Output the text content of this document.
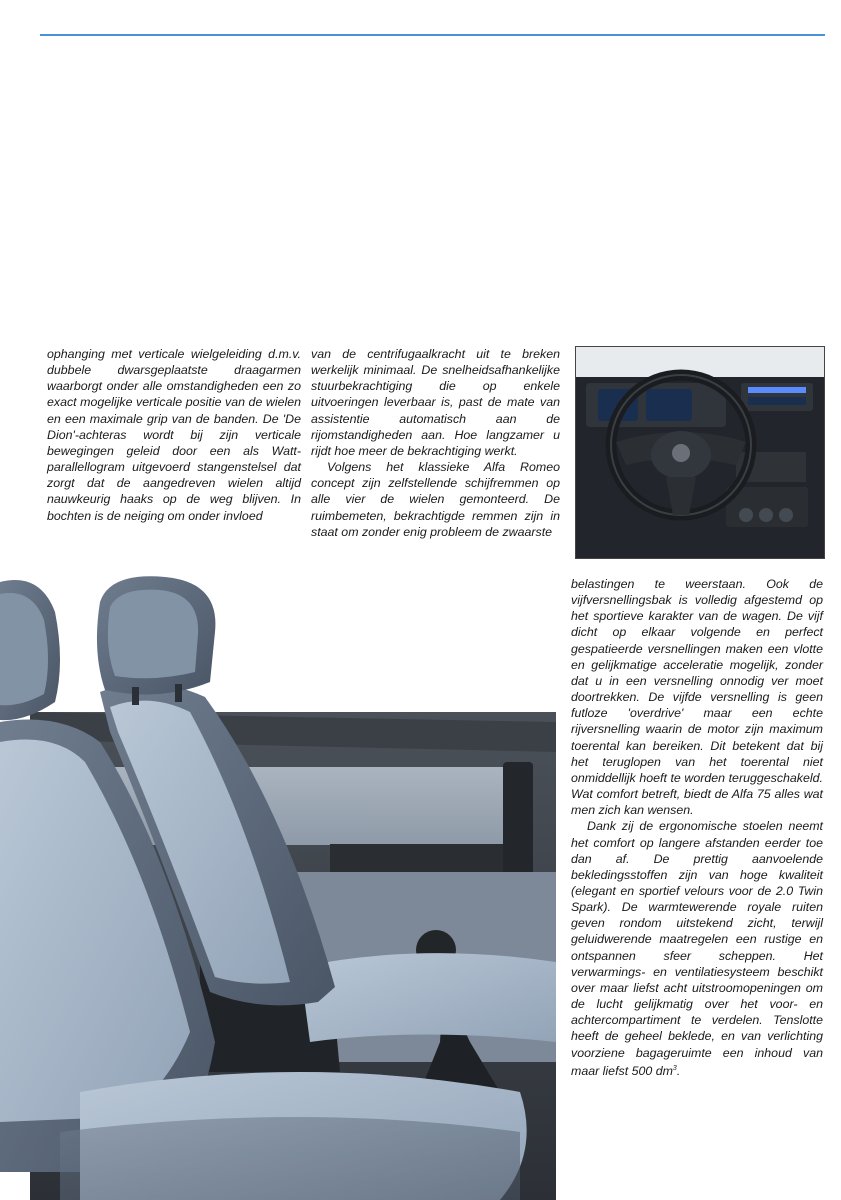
ophanging met verticale wielgeleiding d.m.v. dubbele dwarsgeplaatste draagarmen waarborgt onder alle omstandigheden een zo exact mogelijke verticale positie van de wielen en een maximale grip van de banden. De 'De Dion'-achteras wordt bij zijn verticale bewegingen geleid door een als Watt-parallellogram uitgevoerd stangenstelsel dat zorgt dat de aangedreven wielen altijd nauwkeurig haaks op de weg blijven. In bochten is de neiging om onder invloed

van de centrifugaalkracht uit te breken werkelijk minimaal. De snelheidsafhankelijke stuurbekrachtiging die op enkele uitvoeringen leverbaar is, past de mate van assistentie automatisch aan de rijomstandigheden aan. Hoe langzamer u rijdt hoe meer de bekrachtiging werkt.

Volgens het klassieke Alfa Romeo concept zijn zelfstellende schijfremmen op alle vier de wielen gemonteerd. De ruimbemeten, bekrachtigde remmen zijn in staat om zonder enig probleem de zwaarste

belastingen te weerstaan. Ook de vijfversnellingsbak is volledig afgestemd op het sportieve karakter van de wagen. De vijf dicht op elkaar volgende en perfect gespatieerde versnellingen maken een vlotte en gelijkmatige acceleratie mogelijk, zonder dat u in een versnelling onnodig ver moet doortrekken. De vijfde versnelling is geen futloze 'overdrive' maar een echte rijversnelling waarin de motor zijn maximum toerental kan bereiken. Dit betekent dat bij het teruglopen van het toerental niet onmiddellijk hoeft te worden teruggeschakeld. Wat comfort betreft, biedt de Alfa 75 alles wat men zich kan wensen.

Dank zij de ergonomische stoelen neemt het comfort op langere afstanden eerder toe dan af. De prettig aanvoelende bekledingsstoffen zijn van hoge kwaliteit (elegant en sportief velours voor de 2.0 Twin Spark). De warmtewerende royale ruiten geven rondom uitstekend zicht, terwijl geluidwerende maatregelen een rustige en ontspannen sfeer scheppen. Het verwarmings- en ventilatiesysteem beschikt over maar liefst acht uitstroomopeningen om de lucht gelijkmatig over het voor- en achtercompartiment te verdelen. Tenslotte heeft de geheel beklede, en van verlichting voorziene bagageruimte een inhoud van maar liefst 500 $dm^3$.
